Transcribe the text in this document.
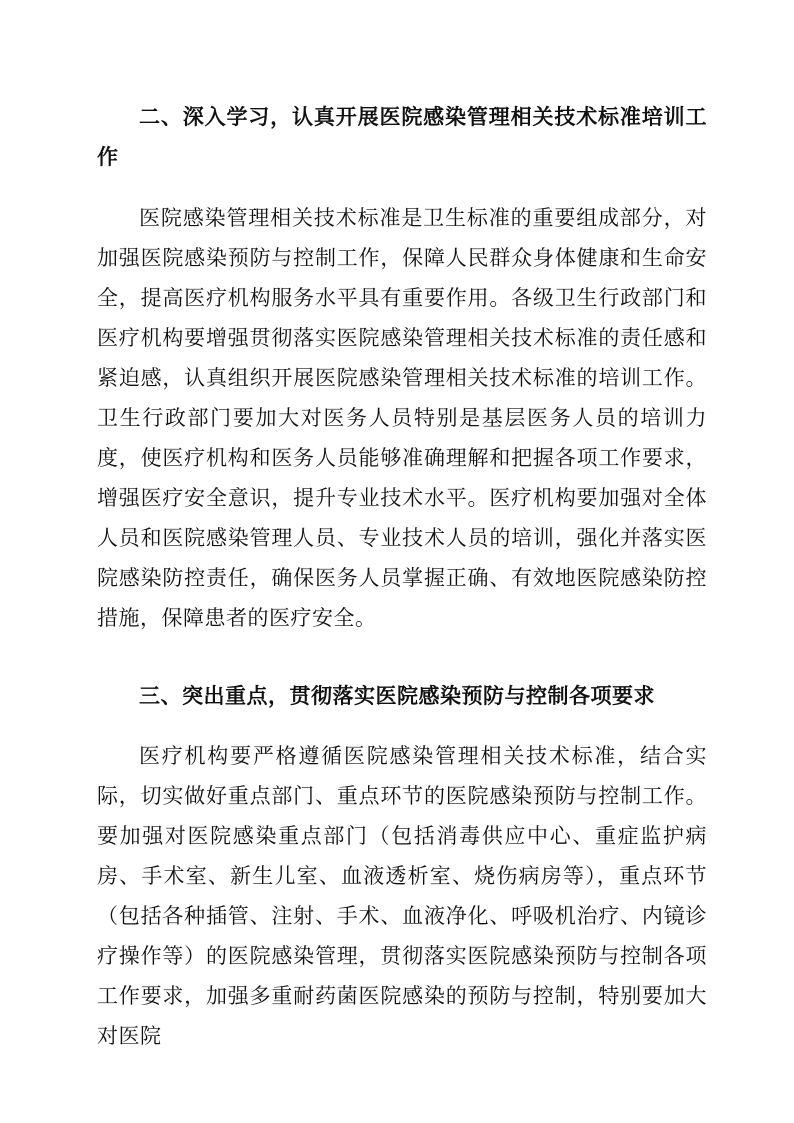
二、深入学习，认真开展医院感染管理相关技术标准培训工作
医院感染管理相关技术标准是卫生标准的重要组成部分，对加强医院感染预防与控制工作，保障人民群众身体健康和生命安全，提高医疗机构服务水平具有重要作用。各级卫生行政部门和医疗机构要增强贯彻落实医院感染管理相关技术标准的责任感和紧迫感，认真组织开展医院感染管理相关技术标准的培训工作。卫生行政部门要加大对医务人员特别是基层医务人员的培训力度，使医疗机构和医务人员能够准确理解和把握各项工作要求，增强医疗安全意识，提升专业技术水平。医疗机构要加强对全体人员和医院感染管理人员、专业技术人员的培训，强化并落实医院感染防控责任，确保医务人员掌握正确、有效地医院感染防控措施，保障患者的医疗安全。
三、突出重点，贯彻落实医院感染预防与控制各项要求
医疗机构要严格遵循医院感染管理相关技术标准，结合实际，切实做好重点部门、重点环节的医院感染预防与控制工作。要加强对医院感染重点部门（包括消毒供应中心、重症监护病房、手术室、新生儿室、血液透析室、烧伤病房等），重点环节（包括各种插管、注射、手术、血液净化、呼吸机治疗、内镜诊疗操作等）的医院感染管理，贯彻落实医院感染预防与控制各项工作要求，加强多重耐药菌医院感染的预防与控制，特别要加大对医院
